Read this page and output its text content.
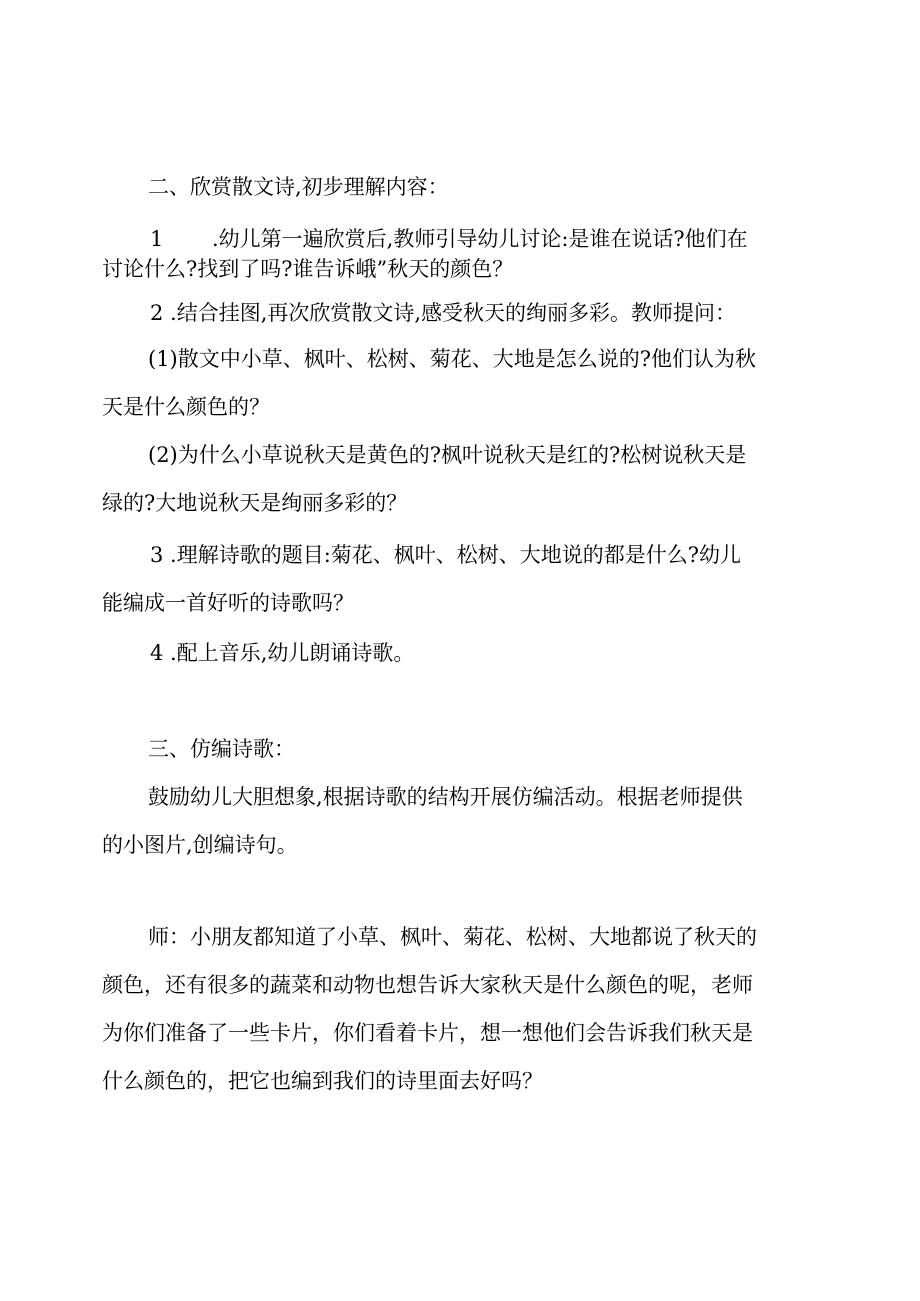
二、欣赏散文诗,初步理解内容：

1 .幼儿第一遍欣赏后,教师引导幼儿讨论:是谁在说话?他们在

讨论什么?找到了吗?谁告诉峨”秋天的颜色？

2 .结合挂图,再次欣赏散文诗,感受秋天的绚丽多彩。教师提问：

(1)散文中小草、枫叶、松树、菊花、大地是怎么说的?他们认为秋

天是什么颜色的？

(2)为什么小草说秋天是黄色的?枫叶说秋天是红的?松树说秋天是

绿的?大地说秋天是绚丽多彩的？

3 .理解诗歌的题目:菊花、枫叶、松树、大地说的都是什么?幼儿

能编成一首好听的诗歌吗？

4 .配上音乐,幼儿朗诵诗歌。

三、仿编诗歌：

鼓励幼儿大胆想象,根据诗歌的结构开展仿编活动。根据老师提供

的小图片,创编诗句。

师：小朋友都知道了小草、枫叶、菊花、松树、大地都说了秋天的

颜色，还有很多的蔬菜和动物也想告诉大家秋天是什么颜色的呢，老师

为你们准备了一些卡片，你们看着卡片，想一想他们会告诉我们秋天是

什么颜色的，把它也编到我们的诗里面去好吗？
